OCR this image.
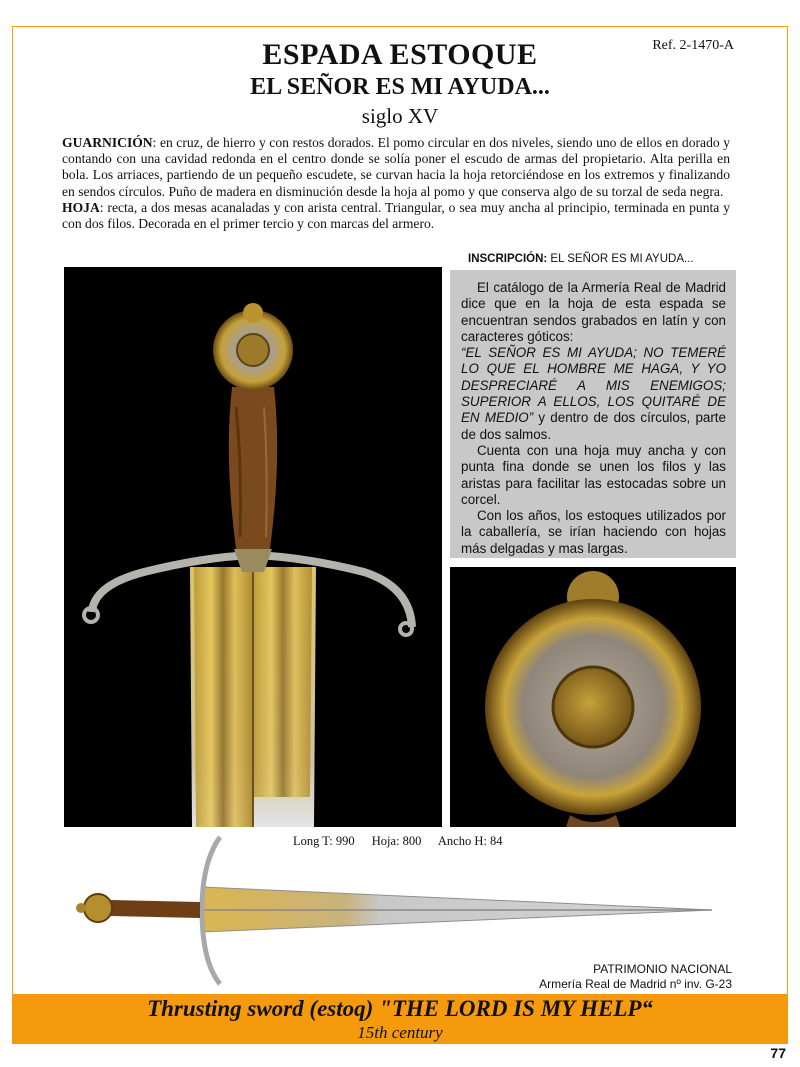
Ref. 2-1470-A
ESPADA ESTOQUE
EL SEÑOR ES MI AYUDA...
siglo XV

GUARNICIÓN: en cruz, de hierro y con restos dorados. El pomo circular en dos niveles, siendo uno de ellos en dorado y contando con una cavidad redonda en el centro donde se solía poner el escudo de armas del propietario. Alta perilla en bola. Los arriaces, partiendo de un pequeño escudete, se curvan hacia la hoja retorciéndose en los extremos y finalizando en sendos círculos. Puño de madera en disminución desde la hoja al pomo y que conserva algo de su torzal de seda negra.

HOJA: recta, a dos mesas acanaladas y con arista central. Triangular, o sea muy ancha al principio, terminada en punta y con dos filos. Decorada en el primer tercio y con marcas del armero.

INSCRIPCIÓN: EL SEÑOR ES MI AYUDA...

El catálogo de la Armería Real de Madrid dice que en la hoja de esta espada se encuentran sendos grabados en latín y con caracteres góticos:
“EL SEÑOR ES MI AYUDA; NO TEMERÉ LO QUE EL HOMBRE ME HAGA, Y YO DESPRECIARÉ A MIS ENEMIGOS; SUPERIOR A ELLOS, LOS QUITARÉ DE EN MEDIO” y dentro de dos círculos, parte de dos salmos.

Cuenta con una hoja muy ancha y con punta fina donde se unen los filos y las aristas para facilitar las estocadas sobre un corcel.

Con los años, los estoques utilizados por la caballería, se irían haciendo con hojas más delgadas y mas largas.

Long T: 990 Hoja: 800 Ancho H: 84
PATRIMONIO NACIONAL
Armería Real de Madrid nº inv. G-23
Thrusting sword (estoq) "THE LORD IS MY HELP“
15th century
77
